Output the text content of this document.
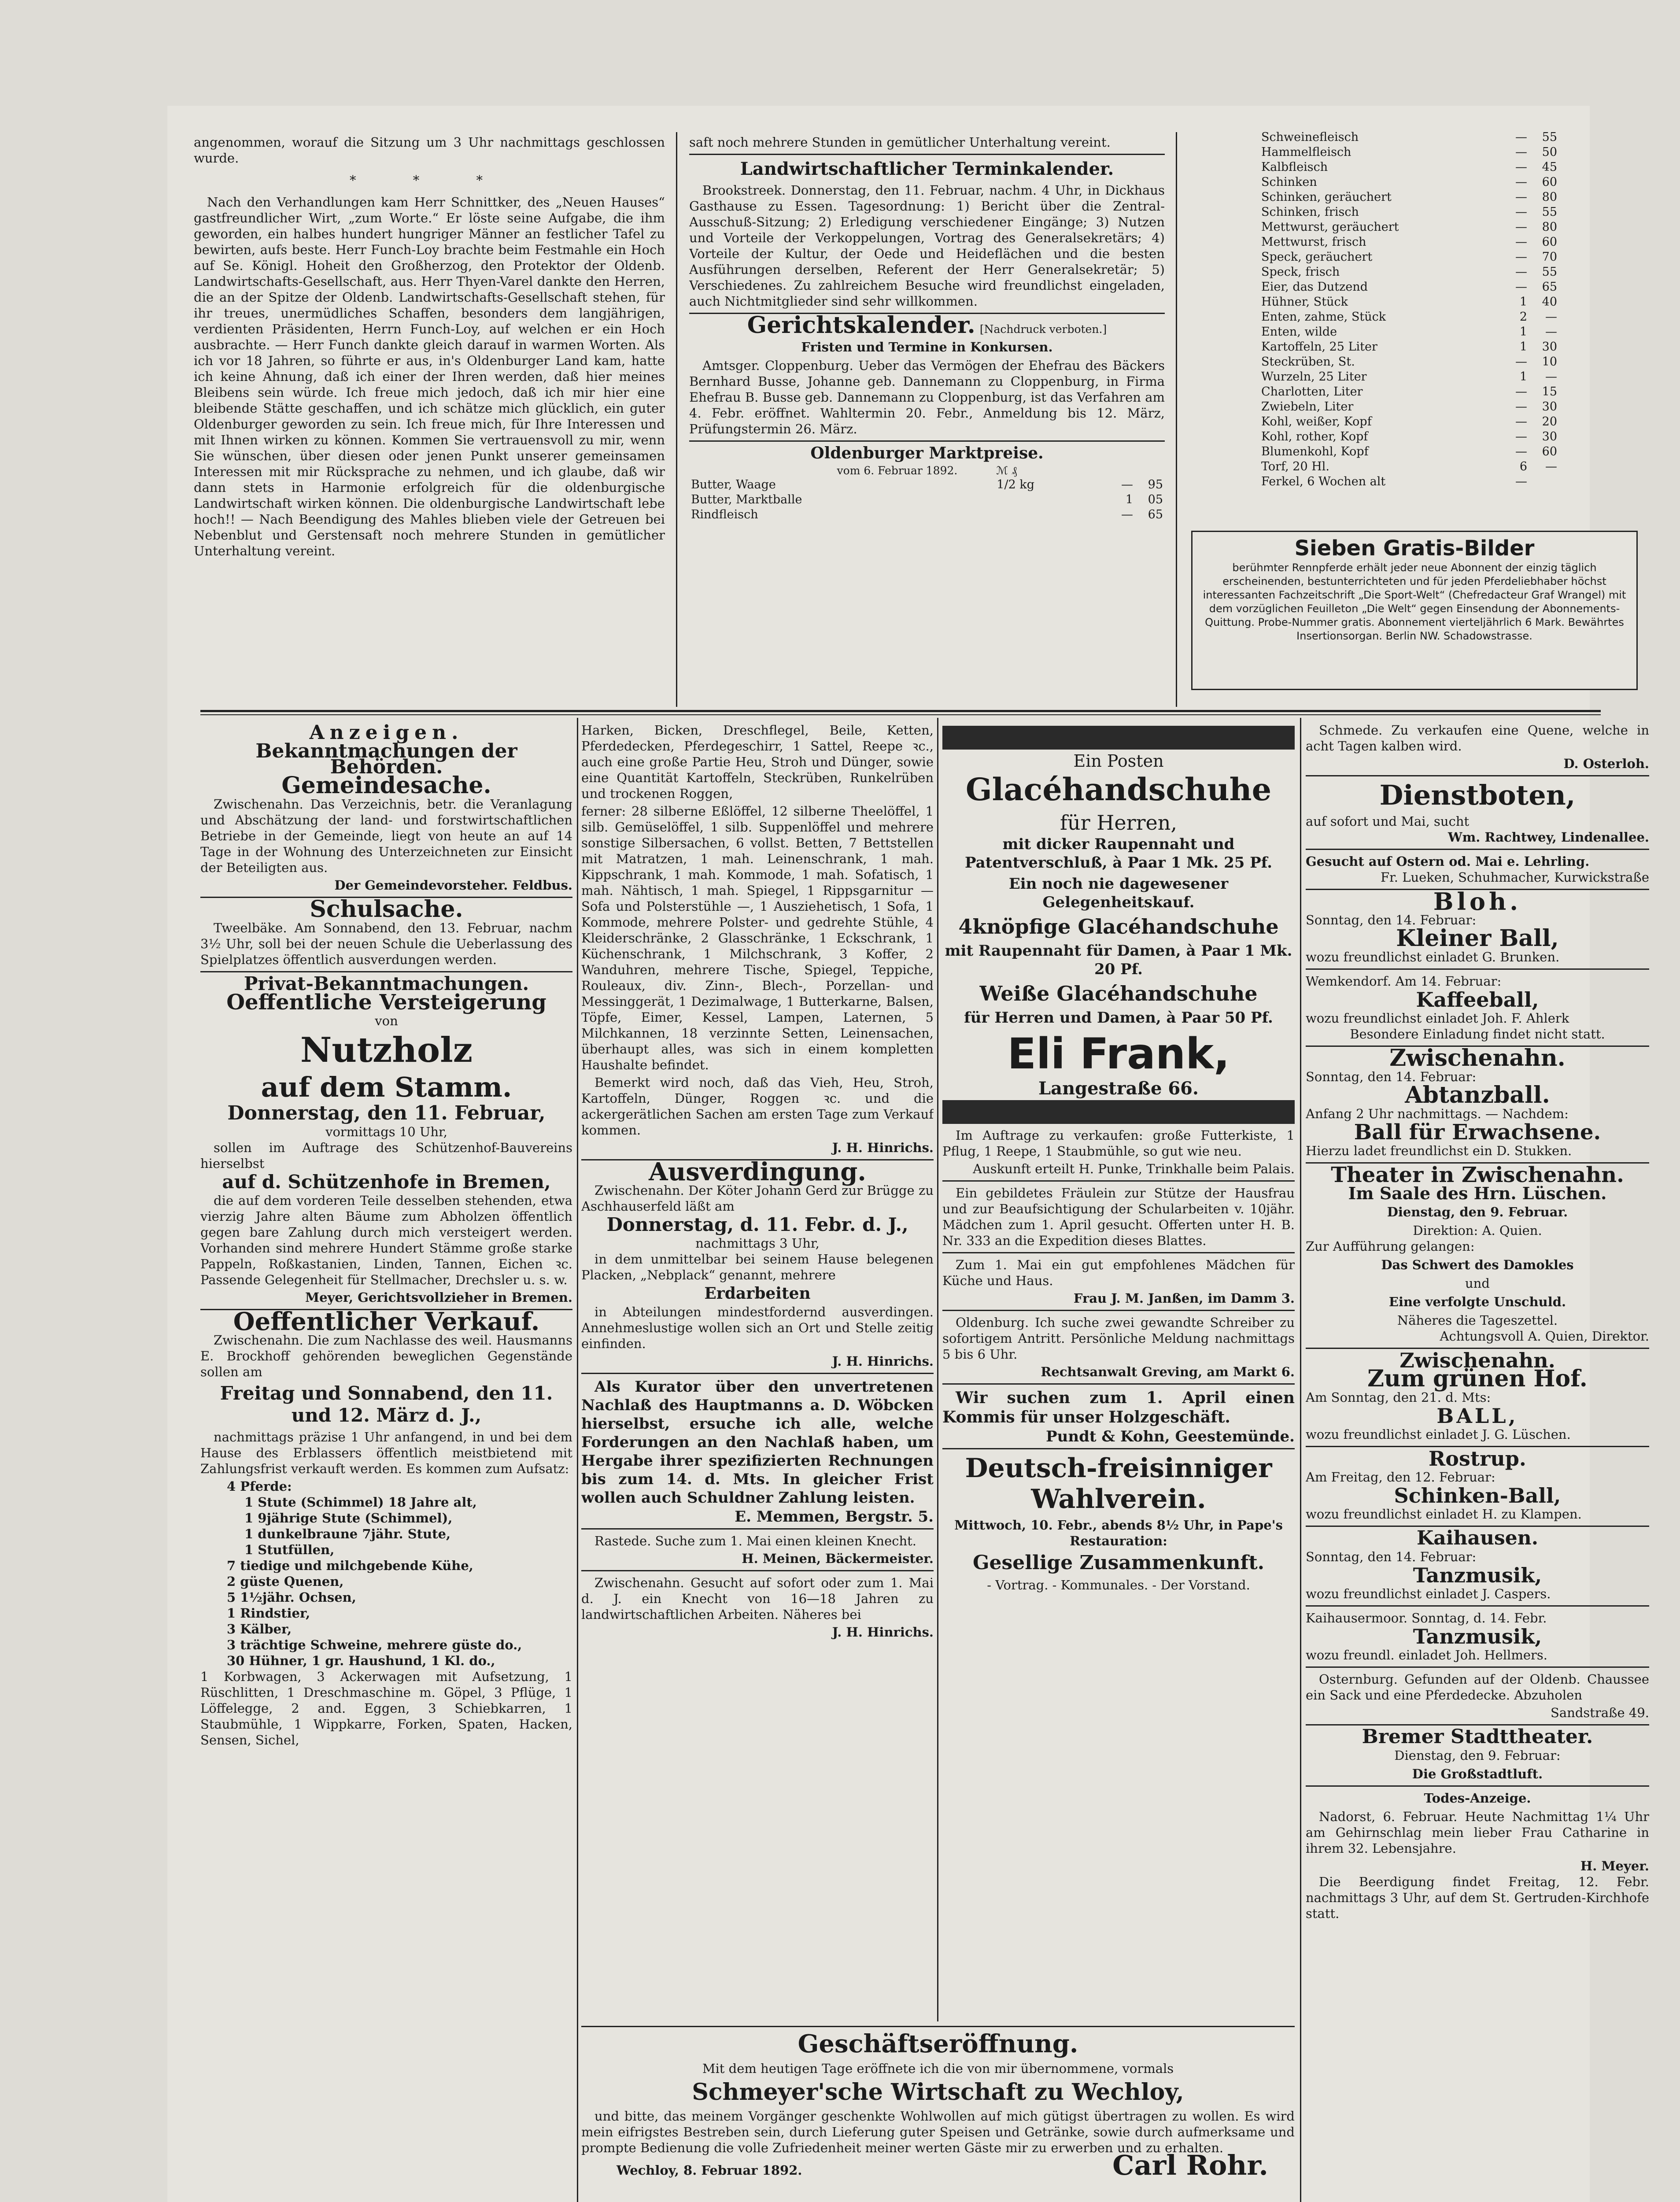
angenommen, worauf die Sitzung um 3 Uhr nachmittags geschlossen wurde.

* * *

Nach den Verhandlungen kam Herr Schnittker, des „Neuen Hauses“ gastfreundlicher Wirt, „zum Worte.“ Er löste seine Aufgabe, die ihm geworden, ein halbes hundert hungriger Männer an festlicher Tafel zu bewirten, aufs beste. Herr Funch-Loy brachte beim Festmahle ein Hoch auf Se. Königl. Hoheit den Großherzog, den Protektor der Oldenb. Landwirtschafts-Gesellschaft, aus. Herr Thyen-Varel dankte den Herren, die an der Spitze der Oldenb. Landwirtschafts-Gesellschaft stehen, für ihr treues, unermüdliches Schaffen, besonders dem langjährigen, verdienten Präsidenten, Herrn Funch-Loy, auf welchen er ein Hoch ausbrachte. — Herr Funch dankte gleich darauf in warmen Worten. Als ich vor 18 Jahren, so führte er aus, in's Oldenburger Land kam, hatte ich keine Ahnung, daß ich einer der Ihren werden, daß hier meines Bleibens sein würde. Ich freue mich jedoch, daß ich mir hier eine bleibende Stätte geschaffen, und ich schätze mich glücklich, ein guter Oldenburger geworden zu sein. Ich freue mich, für Ihre Interessen und mit Ihnen wirken zu können. Kommen Sie vertrauensvoll zu mir, wenn Sie wünschen, über diesen oder jenen Punkt unserer gemeinsamen Interessen mit mir Rücksprache zu nehmen, und ich glaube, daß wir dann stets in Harmonie erfolgreich für die oldenburgische Landwirtschaft wirken können. Die oldenburgische Landwirtschaft lebe hoch!! — Nach Beendigung des Mahles blieben viele der Getreuen bei Nebenblut und Gerstensaft noch mehrere Stunden in gemütlicher Unterhaltung vereint.

saft noch mehrere Stunden in gemütlicher Unterhaltung vereint.

Landwirtschaftlicher Terminkalender.

Brookstreek. Donnerstag, den 11. Februar, nachm. 4 Uhr, in Dickhaus Gasthause zu Essen. Tagesordnung: 1) Bericht über die Zentral-Ausschuß-Sitzung; 2) Erledigung verschiedener Eingänge; 3) Nutzen und Vorteile der Verkoppelungen, Vortrag des Generalsekretärs; 4) Vorteile der Kultur, der Oede und Heideflächen und die besten Ausführungen derselben, Referent der Herr Generalsekretär; 5) Verschiedenes. Zu zahlreichem Besuche wird freundlichst eingeladen, auch Nichtmitglieder sind sehr willkommen.

Gerichtskalender. [Nachdruck verboten.]
Fristen und Termine in Konkursen.

Amtsger. Cloppenburg. Ueber das Vermögen der Ehefrau des Bäckers Bernhard Busse, Johanne geb. Dannemann zu Cloppenburg, in Firma Ehefrau B. Busse geb. Dannemann zu Cloppenburg, ist das Verfahren am 4. Febr. eröffnet. Wahltermin 20. Febr., Anmeldung bis 12. März, Prüfungstermin 26. März.

Oldenburger Marktpreise.
vom 6. Februar 1892.	ℳ ₰
Butter, Waage	1/2 kg	—	95
Butter, Marktballe		1	05
Rindfleisch		—	65
Schweinefleisch	—	55
Hammelfleisch	—	50
Kalbfleisch	—	45
Schinken	—	60
Schinken, geräuchert	—	80
Schinken, frisch	—	55
Mettwurst, geräuchert	—	80
Mettwurst, frisch	—	60
Speck, geräuchert	—	70
Speck, frisch	—	55
Eier, das Dutzend	—	65
Hühner, Stück	1	40
Enten, zahme, Stück	2	—
Enten, wilde	1	—
Kartoffeln, 25 Liter	1	30
Steckrüben, St.	—	10
Wurzeln, 25 Liter	1	—
Charlotten, Liter	—	15
Zwiebeln, Liter	—	30
Kohl, weißer, Kopf	—	20
Kohl, rother, Kopf	—	30
Blumenkohl, Kopf	—	60
Torf, 20 Hl.	6	—
Ferkel, 6 Wochen alt	—	
Sieben Gratis-Bilder
berühmter Rennpferde erhält jeder neue Abonnent der einzig täglich erscheinenden, bestunterrichteten und für jeden Pferdeliebhaber höchst interessanten Fachzeitschrift „Die Sport-Welt“ (Chefredacteur Graf Wrangel) mit dem vorzüglichen Feuilleton „Die Welt“ gegen Einsendung der Abonnements-Quittung. Probe-Nummer gratis. Abonnement vierteljährlich 6 Mark. Bewährtes Insertionsorgan. Berlin NW. Schadowstrasse.
Anzeigen.
Bekanntmachungen der Behörden.
Gemeindesache.

Zwischenahn. Das Verzeichnis, betr. die Veranlagung und Abschätzung der land- und forstwirtschaftlichen Betriebe in der Gemeinde, liegt von heute an auf 14 Tage in der Wohnung des Unterzeichneten zur Einsicht der Beteiligten aus.

Der Gemeindevorsteher. Feldbus.
Schulsache.

Tweelbäke. Am Sonnabend, den 13. Februar, nachm 3½ Uhr, soll bei der neuen Schule die Ueberlassung des Spielplatzes öffentlich ausverdungen werden.

Privat-Bekanntmachungen.
Oeffentliche Versteigerung
von
Nutzholz
auf dem Stamm.
Donnerstag, den 11. Februar,
vormittags 10 Uhr,

sollen im Auftrage des Schützenhof-Bauvereins hierselbst

auf d. Schützenhofe in Bremen,

die auf dem vorderen Teile desselben stehenden, etwa vierzig Jahre alten Bäume zum Abholzen öffentlich gegen bare Zahlung durch mich versteigert werden. Vorhanden sind mehrere Hundert Stämme große starke Pappeln, Roßkastanien, Linden, Tannen, Eichen ꝛc. Passende Gelegenheit für Stellmacher, Drechsler u. s. w.

Meyer, Gerichtsvollzieher in Bremen.
Oeffentlicher Verkauf.

Zwischenahn. Die zum Nachlasse des weil. Hausmanns E. Brockhoff gehörenden beweglichen Gegenstände sollen am

Freitag und Sonnabend, den 11. und 12. März d. J.,

nachmittags präzise 1 Uhr anfangend, in und bei dem Hause des Erblassers öffentlich meistbietend mit Zahlungsfrist verkauft werden. Es kommen zum Aufsatz:

4 Pferde:
1 Stute (Schimmel) 18 Jahre alt,
1 9jährige Stute (Schimmel),
1 dunkelbraune 7jähr. Stute,
1 Stutfüllen,
7 tiedige und milchgebende Kühe,
2 güste Quenen,
5 1½jähr. Ochsen,
1 Rindstier,
3 Kälber,
3 trächtige Schweine, mehrere güste do.,
30 Hühner, 1 gr. Haushund, 1 Kl. do.,

1 Korbwagen, 3 Ackerwagen mit Aufsetzung, 1 Rüschlitten, 1 Dreschmaschine m. Göpel, 3 Pflüge, 1 Löffelegge, 2 and. Eggen, 3 Schiebkarren, 1 Staubmühle, 1 Wippkarre, Forken, Spaten, Hacken, Sensen, Sichel,

Harken, Bicken, Dreschflegel, Beile, Ketten, Pferdedecken, Pferdegeschirr, 1 Sattel, Reepe ꝛc., auch eine große Partie Heu, Stroh und Dünger, sowie eine Quantität Kartoffeln, Steckrüben, Runkelrüben und trockenen Roggen,

ferner: 28 silberne Eßlöffel, 12 silberne Theelöffel, 1 silb. Gemüselöffel, 1 silb. Suppenlöffel und mehrere sonstige Silbersachen, 6 vollst. Betten, 7 Bettstellen mit Matratzen, 1 mah. Leinenschrank, 1 mah. Kippschrank, 1 mah. Kommode, 1 mah. Sofatisch, 1 mah. Nähtisch, 1 mah. Spiegel, 1 Rippsgarnitur — Sofa und Polsterstühle —, 1 Ausziehetisch, 1 Sofa, 1 Kommode, mehrere Polster- und gedrehte Stühle, 4 Kleiderschränke, 2 Glasschränke, 1 Eckschrank, 1 Küchenschrank, 1 Milchschrank, 3 Koffer, 2 Wanduhren, mehrere Tische, Spiegel, Teppiche, Rouleaux, div. Zinn-, Blech-, Porzellan- und Messinggerät, 1 Dezimalwage, 1 Butterkarne, Balsen, Töpfe, Eimer, Kessel, Lampen, Laternen, 5 Milchkannen, 18 verzinnte Setten, Leinensachen, überhaupt alles, was sich in einem kompletten Haushalte befindet.

Bemerkt wird noch, daß das Vieh, Heu, Stroh, Kartoffeln, Dünger, Roggen ꝛc. und die ackergerätlichen Sachen am ersten Tage zum Verkauf kommen.

J. H. Hinrichs.
Ausverdingung.

Zwischenahn. Der Köter Johann Gerd zur Brügge zu Aschhauserfeld läßt am

Donnerstag, d. 11. Febr. d. J.,
nachmittags 3 Uhr,

in dem unmittelbar bei seinem Hause belegenen Placken, „Nebplack“ genannt, mehrere

Erdarbeiten

in Abteilungen mindestfordernd ausverdingen. Annehmeslustige wollen sich an Ort und Stelle zeitig einfinden.

J. H. Hinrichs.

Als Kurator über den unvertretenen Nachlaß des Hauptmanns a. D. Wöbcken hierselbst, ersuche ich alle, welche Forderungen an den Nachlaß haben, um Hergabe ihrer spezifizierten Rechnungen bis zum 14. d. Mts. In gleicher Frist wollen auch Schuldner Zahlung leisten.

E. Memmen, Bergstr. 5.

Rastede. Suche zum 1. Mai einen kleinen Knecht.

H. Meinen, Bäckermeister.

Zwischenahn. Gesucht auf sofort oder zum 1. Mai d. J. ein Knecht von 16—18 Jahren zu landwirtschaftlichen Arbeiten. Näheres bei

J. H. Hinrichs.
Ein Posten
Glacéhandschuhe
für Herren,

mit dicker Raupennaht und Patentverschluß, à Paar 1 Mk. 25 Pf.

Ein noch nie dagewesener Gelegenheitskauf.
4knöpfige Glacéhandschuhe

mit Raupennaht für Damen, à Paar 1 Mk. 20 Pf.

Weiße Glacéhandschuhe

für Herren und Damen, à Paar 50 Pf.

Eli Frank,
Langestraße 66.

Im Auftrage zu verkaufen: große Futterkiste, 1 Pflug, 1 Reepe, 1 Staubmühle, so gut wie neu.

Auskunft erteilt H. Punke, Trinkhalle beim Palais.

Ein gebildetes Fräulein zur Stütze der Hausfrau und zur Beaufsichtigung der Schularbeiten v. 10jähr. Mädchen zum 1. April gesucht. Offerten unter H. B. Nr. 333 an die Expedition dieses Blattes.

Zum 1. Mai ein gut empfohlenes Mädchen für Küche und Haus.

Frau J. M. Janßen, im Damm 3.

Oldenburg. Ich suche zwei gewandte Schreiber zu sofortigem Antritt. Persönliche Meldung nachmittags 5 bis 6 Uhr.

Rechtsanwalt Greving, am Markt 6.

Wir suchen zum 1. April einen Kommis für unser Holzgeschäft.

Pundt & Kohn, Geestemünde.
Deutsch-freisinniger Wahlverein.

Mittwoch, 10. Febr., abends 8½ Uhr, in Pape's Restauration:

Gesellige Zusammenkunft.
- Vortrag. - Kommunales. - Der Vorstand.

Schmede. Zu verkaufen eine Quene, welche in acht Tagen kalben wird.

D. Osterloh.
Dienstboten,
auf sofort und Mai, sucht
Wm. Rachtwey, Lindenallee.
Gesucht auf Ostern od. Mai e. Lehrling.
Fr. Lueken, Schuhmacher, Kurwickstraße
Bloh.
Sonntag, den 14. Februar:
Kleiner Ball,
wozu freundlichst einladet G. Brunken.
Wemkendorf. Am 14. Februar:
Kaffeeball,
wozu freundlichst einladet Joh. F. Ahlerk
Besondere Einladung findet nicht statt.
Zwischenahn.
Sonntag, den 14. Februar:
Abtanzball.
Anfang 2 Uhr nachmittags. — Nachdem:
Ball für Erwachsene.
Hierzu ladet freundlichst ein D. Stukken.
Theater in Zwischenahn.
Im Saale des Hrn. Lüschen.
Dienstag, den 9. Februar.
Direktion: A. Quien.
Zur Aufführung gelangen:
Das Schwert des Damokles
und
Eine verfolgte Unschuld.
Näheres die Tageszettel.
Achtungsvoll A. Quien, Direktor.
Zwischenahn.
Zum grünen Hof.
Am Sonntag, den 21. d. Mts:
BALL,
wozu freundlichst einladet J. G. Lüschen.
Rostrup.
Am Freitag, den 12. Februar:
Schinken-Ball,
wozu freundlichst einladet H. zu Klampen.
Kaihausen.
Sonntag, den 14. Februar:
Tanzmusik,
wozu freundlichst einladet J. Caspers.
Kaihausermoor. Sonntag, d. 14. Febr.
Tanzmusik,
wozu freundl. einladet Joh. Hellmers.

Osternburg. Gefunden auf der Oldenb. Chaussee ein Sack und eine Pferdedecke. Abzuholen

Sandstraße 49.
Bremer Stadttheater.
Dienstag, den 9. Februar:
Die Großstadtluft.
Todes-Anzeige.

Nadorst, 6. Februar. Heute Nachmittag 1¼ Uhr am Gehirnschlag mein lieber Frau Catharine in ihrem 32. Lebensjahre.

H. Meyer.

Die Beerdigung findet Freitag, 12. Febr. nachmittags 3 Uhr, auf dem St. Gertruden-Kirchhofe statt.

Geschäftseröffnung.
Mit dem heutigen Tage eröffnete ich die von mir übernommene, vormals
Schmeyer'sche Wirtschaft zu Wechloy,

und bitte, das meinem Vorgänger geschenkte Wohlwollen auf mich gütigst übertragen zu wollen. Es wird mein eifrigstes Bestreben sein, durch Lieferung guter Speisen und Getränke, sowie durch aufmerksame und prompte Bedienung die volle Zufriedenheit meiner werten Gäste mir zu erwerben und zu erhalten.

Wechloy, 8. Februar 1892.	Carl Rohr.
